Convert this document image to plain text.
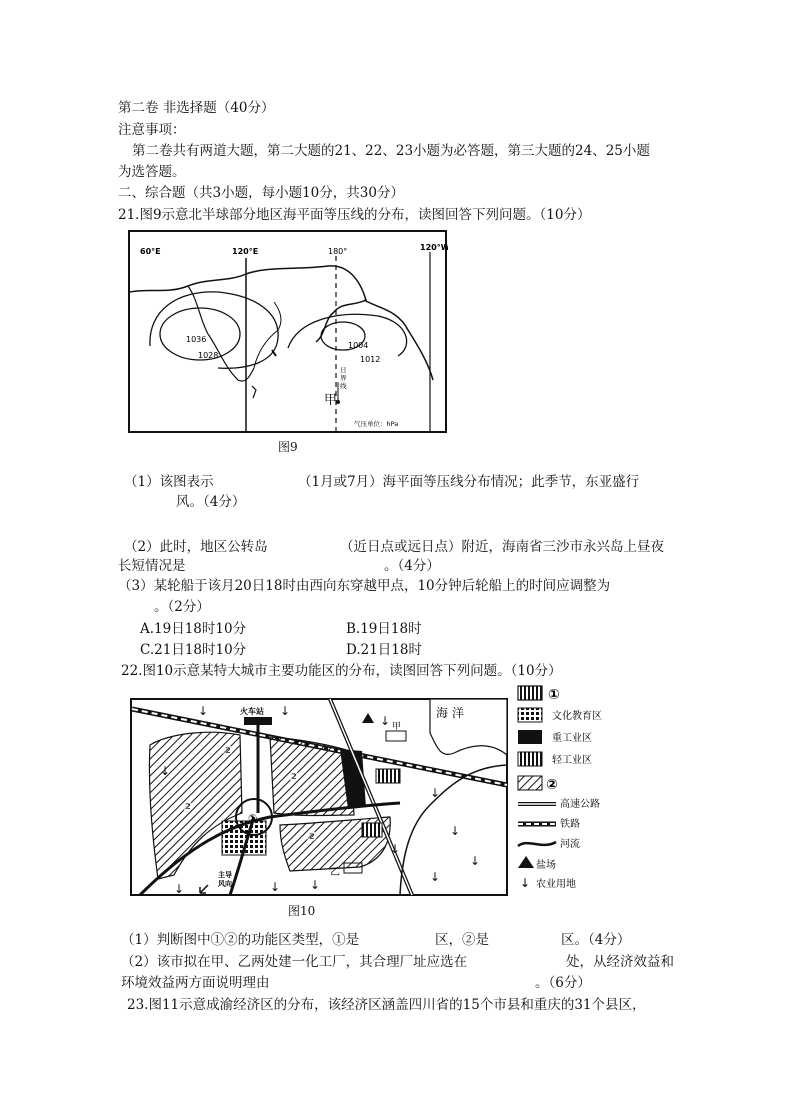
第二卷 非选择题（40分）
注意事项：
第二卷共有两道大题，第二大题的21、22、23小题为必答题，第三大题的24、25小题
为选答题。
二、综合题（共3小题，每小题10分，共30分）
21.图9示意北半球部分地区海平面等压线的分布，读图回答下列问题。（10分）
60°E	120°E	180°	120°W
1036
1028
1004
1012
日
界
线
甲
气压单位：hPa
图9
（1）该图表示	（1月或7月）海平面等压线分布情况；此季节，东亚盛行
风。（4分）
（2）此时，地区公转岛	（近日点或远日点）附近，海南省三沙市永兴岛上昼夜
长短情况是	。（4分）
（3）某轮船于该月20日18时由西向东穿越甲点，10分钟后轮船上的时间应调整为
。（2分）
A.19日18时10分	B.19日18时
C.21日18时10分	D.21日18时
22.图10示意某特大城市主要功能区的分布，读图回答下列问题。（10分）
海 洋
火车站
甲
乙
①
②
②
②
②
↓
↓
↓
↓
↓
↓
↓
↓
↓
↓
↓
↓
主导
风向
①
文化教育区
重工业区
轻工业区
②
高速公路
铁路
河流
盐场
↓ 农业用地
图10
（1）判断图中①②的功能区类型，①是	区，②是	区。（4分）
（2）该市拟在甲、乙两处建一化工厂，其合理厂址应选在	处，从经济效益和
环境效益两方面说明理由	。（6分）
23.图11示意成渝经济区的分布，该经济区涵盖四川省的15个市县和重庆的31个县区，
